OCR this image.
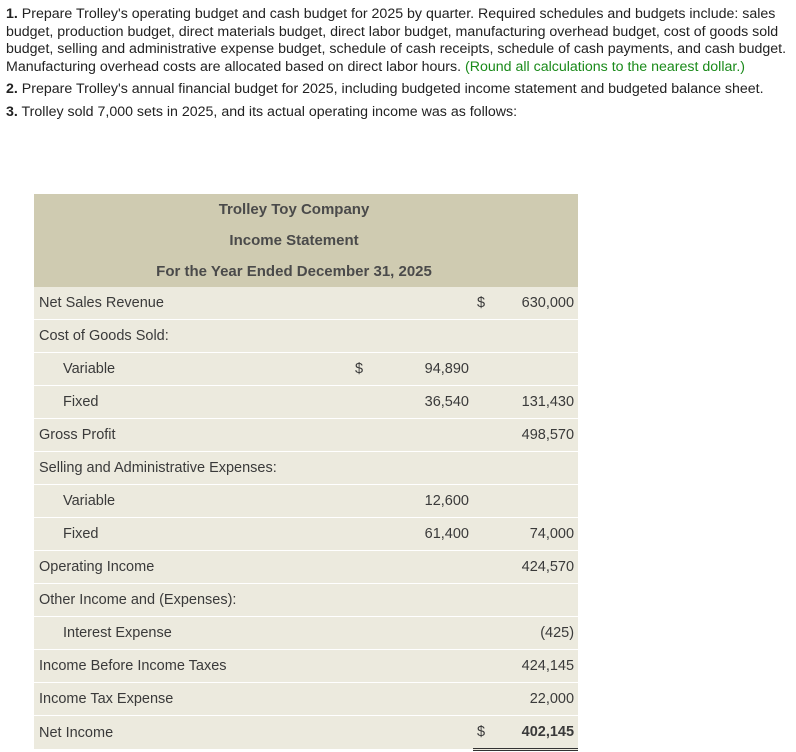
1. Prepare Trolley's operating budget and cash budget for 2025 by quarter. Required schedules and budgets include: sales budget, production budget, direct materials budget, direct labor budget, manufacturing overhead budget, cost of goods sold budget, selling and administrative expense budget, schedule of cash receipts, schedule of cash payments, and cash budget. Manufacturing overhead costs are allocated based on direct labor hours. (Round all calculations to the nearest dollar.)

2. Prepare Trolley's annual financial budget for 2025, including budgeted income statement and budgeted balance sheet.

3. Trolley sold 7,000 sets in 2025, and its actual operating income was as follows:

Trolley Toy Company				
Income Statement				
For the Year Ended December 31, 2025				
Net Sales Revenue			$	630,000
Cost of Goods Sold:				
Variable	$	94,890		
Fixed		36,540		131,430
Gross Profit				498,570
Selling and Administrative Expenses:				
Variable		12,600		
Fixed		61,400		74,000
Operating Income				424,570
Other Income and (Expenses):				
Interest Expense				(425)
Income Before Income Taxes				424,145
Income Tax Expense				22,000
Net Income			$	402,145
